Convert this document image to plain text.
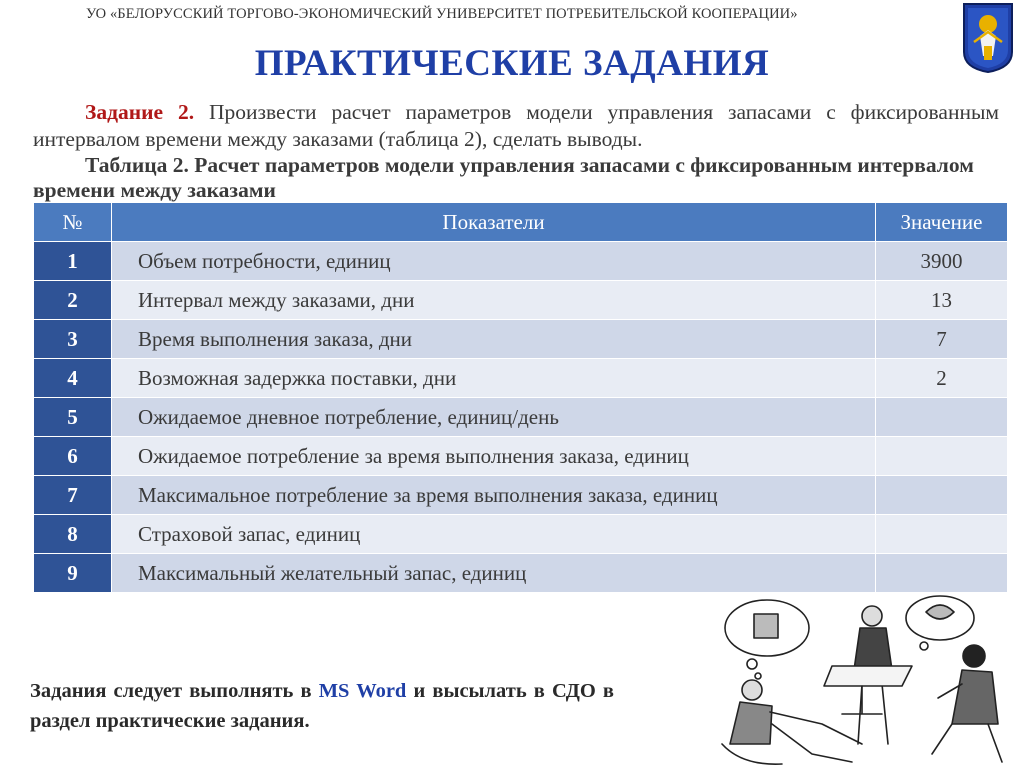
УО «БЕЛОРУССКИЙ ТОРГОВО-ЭКОНОМИЧЕСКИЙ УНИВЕРСИТЕТ ПОТРЕБИТЕЛЬСКОЙ КООПЕРАЦИИ»
ПРАКТИЧЕСКИЕ ЗАДАНИЯ
Задание 2. Произвести расчет параметров модели управления запасами с фиксированным интервалом времени между заказами (таблица 2), сделать выводы.
Таблица 2. Расчет параметров модели управления запасами с фиксированным интервалом времени между заказами
№	Показатели	Значение
1	Объем потребности, единиц	3900
2	Интервал между заказами, дни	13
3	Время выполнения заказа, дни	7
4	Возможная задержка поставки, дни	2
5	Ожидаемое дневное потребление, единиц/день	
6	Ожидаемое потребление за время выполнения заказа, единиц	
7	Максимальное потребление за время выполнения заказа, единиц	
8	Страховой запас, единиц	
9	Максимальный желательный запас, единиц	
Задания следует выполнять в MS Word и высылать в СДО в раздел практические задания.
